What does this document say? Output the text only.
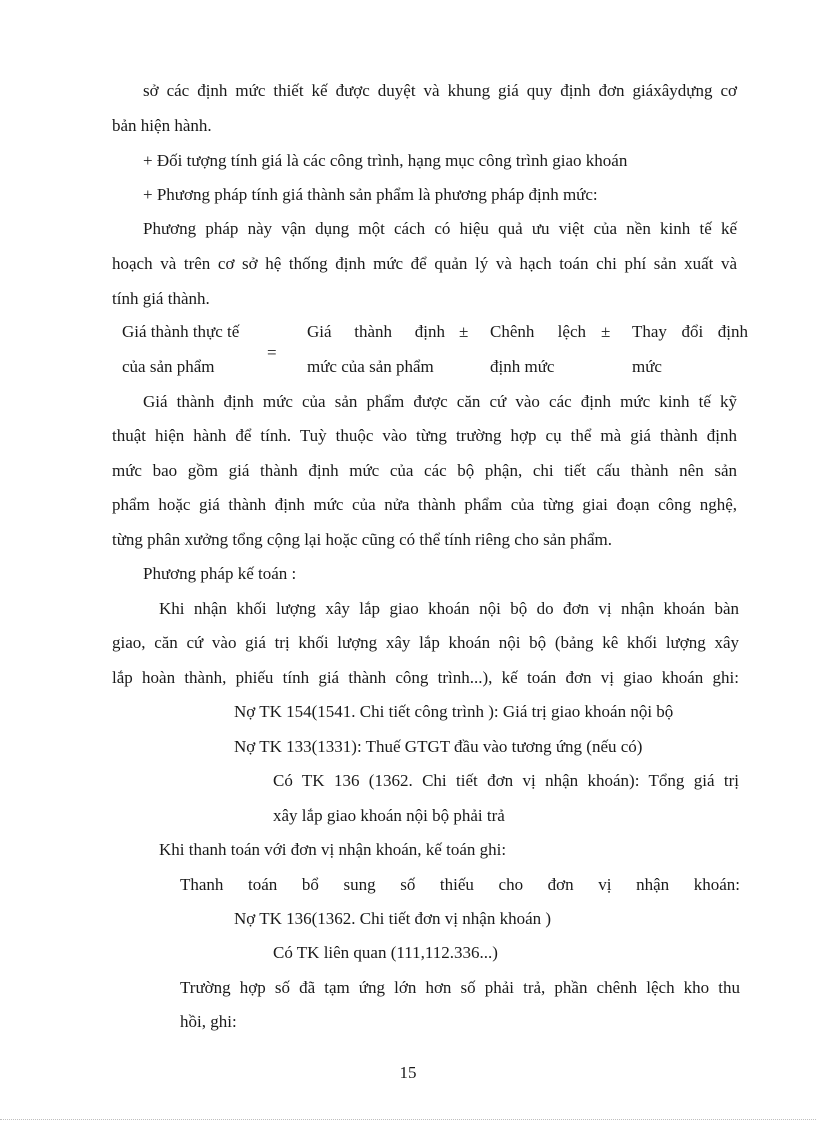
sở các định mức thiết kế được duyệt và khung giá quy định đơn giáxâydựng cơ
bản hiện hành.
+ Đối tượng tính giá là các công trình, hạng mục công trình giao khoán
+ Phương pháp tính giá thành sản phẩm là phương pháp định mức:
Phương pháp này vận dụng một cách có hiệu quả ưu việt của nền kinh tế kế
hoạch và trên cơ sở hệ thống định mức để quản lý và hạch toán chi phí sản xuất và
tính giá thành.
Giá thành thực tế
của sản phẩm
=
Giá thành định
mức của sản phẩm
± Chênh lệch
định mức
± Thay đổi định
mức
Giá thành định mức của sản phẩm được căn cứ vào các định mức kinh tế kỹ
thuật hiện hành để tính. Tuỳ thuộc vào từng trường hợp cụ thể mà giá thành định
mức bao gồm giá thành định mức của các bộ phận, chi tiết cấu thành nên sản
phẩm hoặc giá thành định mức của nửa thành phẩm của từng giai đoạn công nghệ,
từng phân xưởng tổng cộng lại hoặc cũng có thể tính riêng cho sản phẩm.
Phương pháp kế toán :
Khi nhận khối lượng xây lắp giao khoán nội bộ do đơn vị nhận khoán bàn
giao, căn cứ vào giá trị khối lượng xây lắp khoán nội bộ (bảng kê khối lượng xây
lắp hoàn thành, phiếu tính giá thành công trình...), kế toán đơn vị giao khoán ghi:
Nợ TK 154(1541. Chi tiết công trình ): Giá trị giao khoán nội bộ
Nợ TK 133(1331): Thuế GTGT đầu vào tương ứng (nếu có)
Có TK 136 (1362. Chi tiết đơn vị nhận khoán): Tổng giá trị
xây lắp giao khoán nội bộ phải trả
Khi thanh toán với đơn vị nhận khoán, kế toán ghi:
Thanh toán bổ sung số thiếu cho đơn vị nhận khoán:
Nợ TK 136(1362. Chi tiết đơn vị nhận khoán )
Có TK liên quan (111,112.336...)
Trường hợp số đã tạm ứng lớn hơn số phải trả, phần chênh lệch kho thu
hồi, ghi:
15
